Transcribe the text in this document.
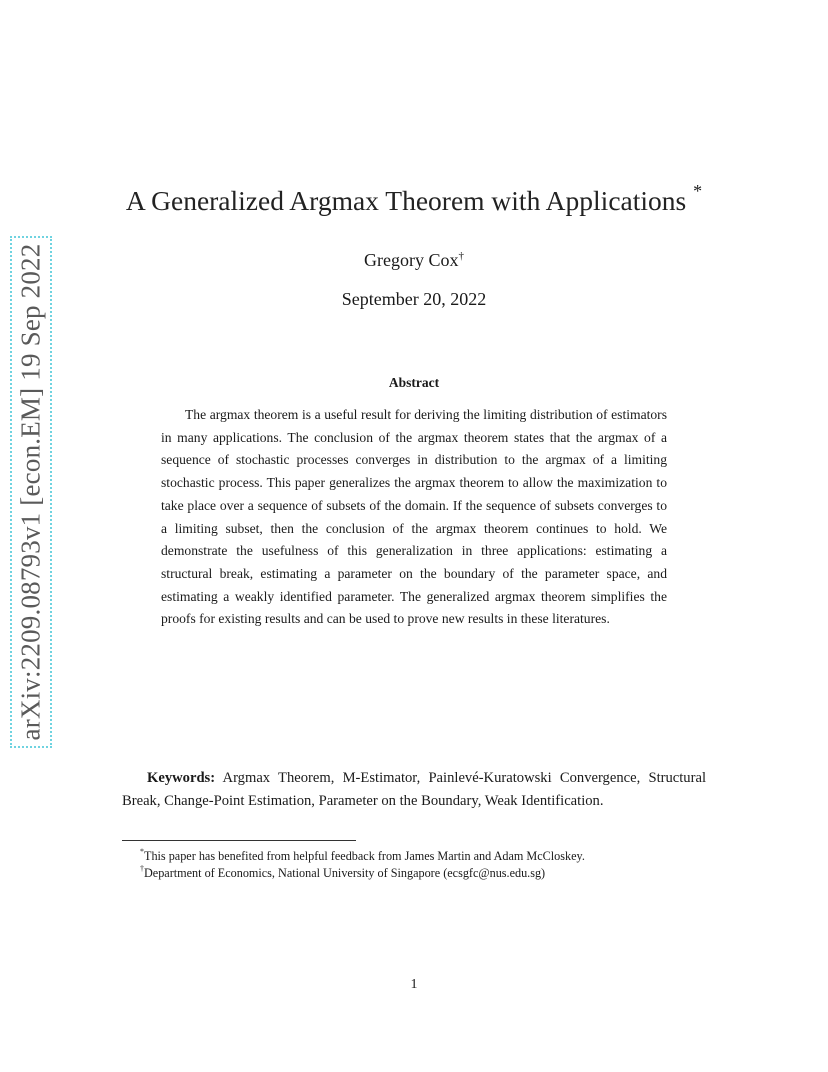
arXiv:2209.08793v1 [econ.EM] 19 Sep 2022
A Generalized Argmax Theorem with Applications *
Gregory Cox†
September 20, 2022
Abstract

The argmax theorem is a useful result for deriving the limiting distribution of estimators in many applications. The conclusion of the argmax theorem states that the argmax of a sequence of stochastic processes converges in distribution to the argmax of a limiting stochastic process. This paper generalizes the argmax theorem to allow the maximization to take place over a sequence of subsets of the domain. If the sequence of subsets converges to a limiting subset, then the conclusion of the argmax theorem continues to hold. We demonstrate the usefulness of this generalization in three applications: estimating a structural break, estimating a parameter on the boundary of the parameter space, and estimating a weakly identified parameter. The generalized argmax theorem simplifies the proofs for existing results and can be used to prove new results in these literatures.

Keywords: Argmax Theorem, M-Estimator, Painlevé-Kuratowski Convergence, Structural Break, Change-Point Estimation, Parameter on the Boundary, Weak Identification.

*This paper has benefited from helpful feedback from James Martin and Adam McCloskey.
†Department of Economics, National University of Singapore (ecsgfc@nus.edu.sg)
1
